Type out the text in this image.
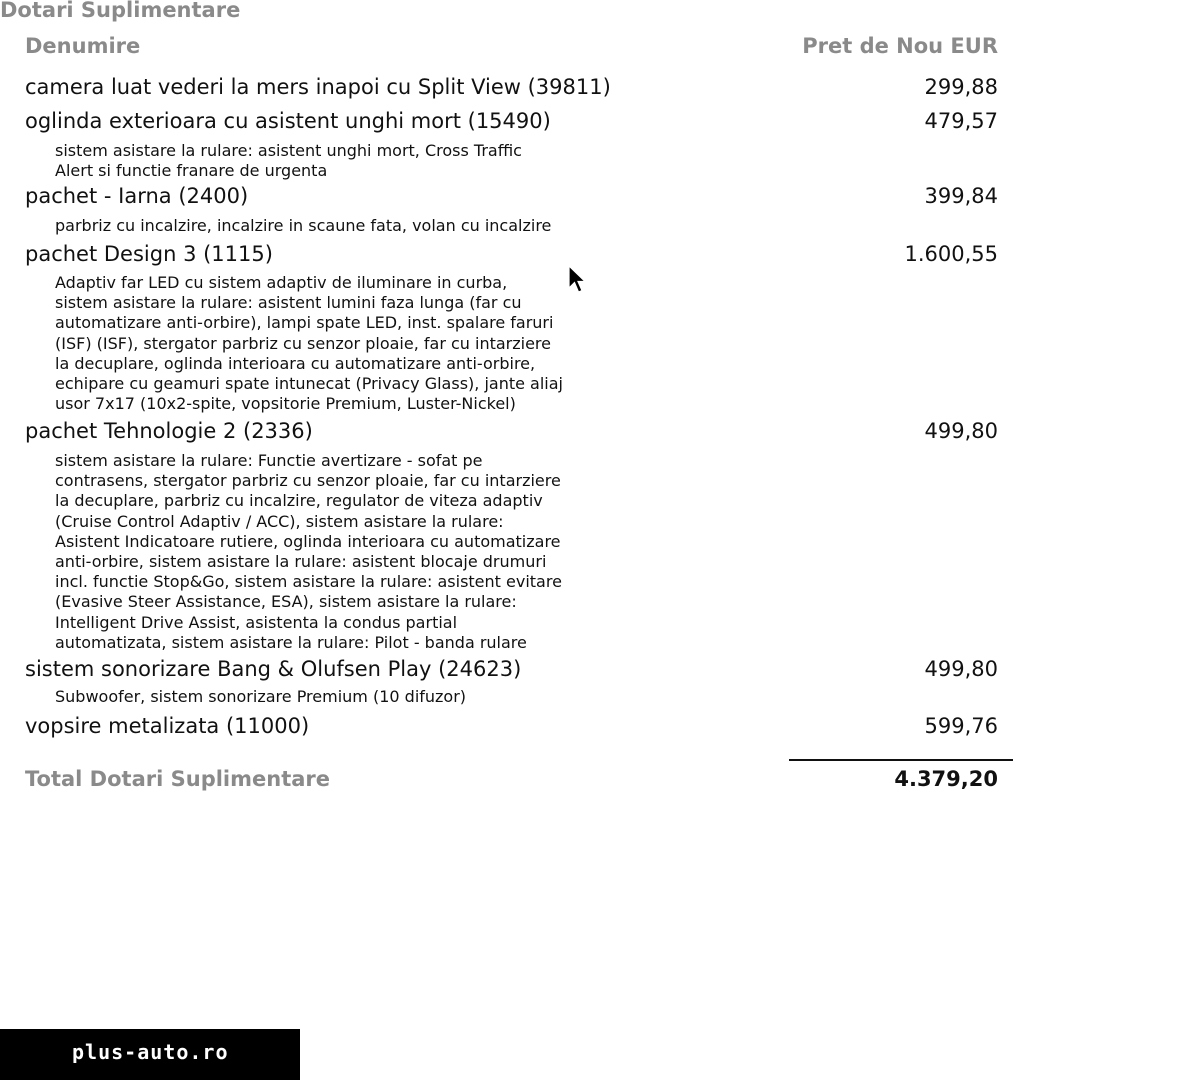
Dotari Suplimentare
Denumire	Pret de Nou EUR
camera luat vederi la mers inapoi cu Split View (39811)	299,88
oglinda exterioara cu asistent unghi mort (15490)	479,57
sistem asistare la rulare: asistent unghi mort, Cross Traffic
Alert si functie franare de urgenta
pachet - Iarna (2400)	399,84
parbriz cu incalzire, incalzire in scaune fata, volan cu incalzire
pachet Design 3 (1115)	1.600,55
Adaptiv far LED cu sistem adaptiv de iluminare in curba,
sistem asistare la rulare: asistent lumini faza lunga (far cu
automatizare anti-orbire), lampi spate LED, inst. spalare faruri
(ISF) (ISF), stergator parbriz cu senzor ploaie, far cu intarziere
la decuplare, oglinda interioara cu automatizare anti-orbire,
echipare cu geamuri spate intunecat (Privacy Glass), jante aliaj
usor 7x17 (10x2-spite, vopsitorie Premium, Luster-Nickel)
pachet Tehnologie 2 (2336)	499,80
sistem asistare la rulare: Functie avertizare - sofat pe
contrasens, stergator parbriz cu senzor ploaie, far cu intarziere
la decuplare, parbriz cu incalzire, regulator de viteza adaptiv
(Cruise Control Adaptiv / ACC), sistem asistare la rulare:
Asistent Indicatoare rutiere, oglinda interioara cu automatizare
anti-orbire, sistem asistare la rulare: asistent blocaje drumuri
incl. functie Stop&Go, sistem asistare la rulare: asistent evitare
(Evasive Steer Assistance, ESA), sistem asistare la rulare:
Intelligent Drive Assist, asistenta la condus partial
automatizata, sistem asistare la rulare: Pilot - banda rulare
sistem sonorizare Bang & Olufsen Play (24623)	499,80
Subwoofer, sistem sonorizare Premium (10 difuzor)
vopsire metalizata (11000)	599,76
Total Dotari Suplimentare	4.379,20
plus-auto.ro
